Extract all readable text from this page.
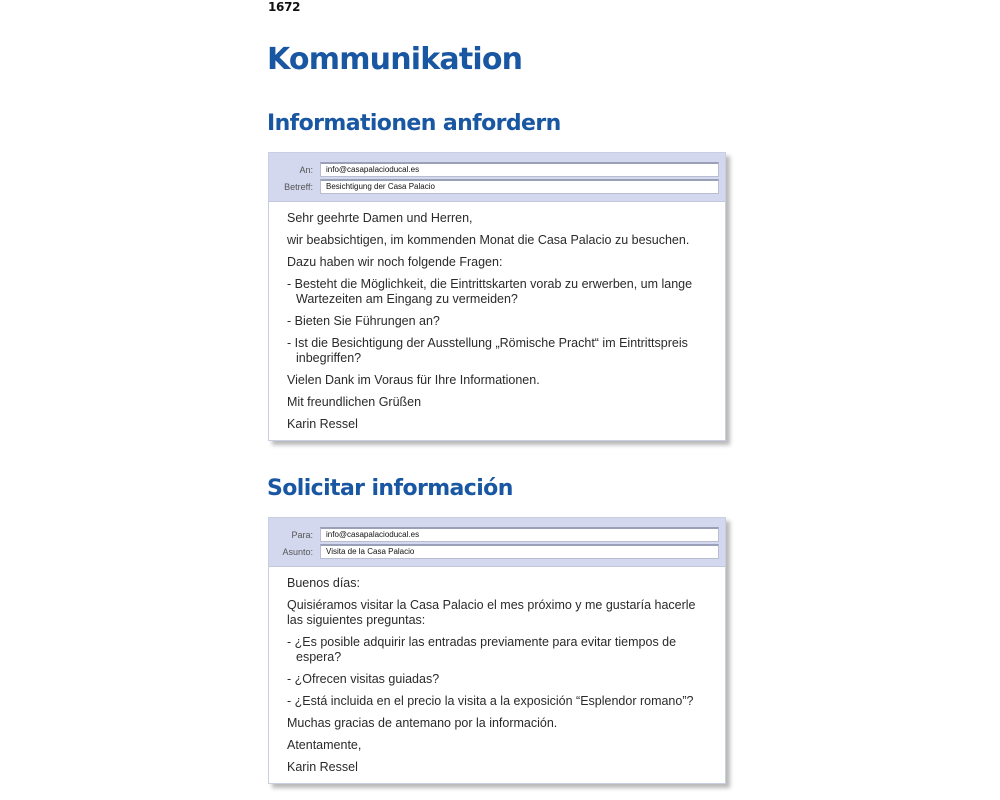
1672
Kommunikation
Informationen anfordern
An:	info@casapalacioducal.es
Betreff:	Besichtigung der Casa Palacio

Sehr geehrte Damen und Herren,

wir beabsichtigen, im kommenden Monat die Casa Palacio zu besuchen.

Dazu haben wir noch folgende Fragen:

- Besteht die Möglichkeit, die Eintrittskarten vorab zu erwerben, um lange Wartezeiten am Eingang zu vermeiden?

- Bieten Sie Führungen an?

- Ist die Besichtigung der Ausstellung „Römische Pracht“ im Eintrittspreis inbegriffen?

Vielen Dank im Voraus für Ihre Informationen.

Mit freundlichen Grüßen

Karin Ressel

Solicitar información
Para:	info@casapalacioducal.es
Asunto:	Visita de la Casa Palacio

Buenos días:

Quisiéramos visitar la Casa Palacio el mes próximo y me gustaría hacerle las siguientes preguntas:

- ¿Es posible adquirir las entradas previamente para evitar tiempos de espera?

- ¿Ofrecen visitas guiadas?

- ¿Está incluida en el precio la visita a la exposición “Esplendor romano”?

Muchas gracias de antemano por la información.

Atentamente,

Karin Ressel
